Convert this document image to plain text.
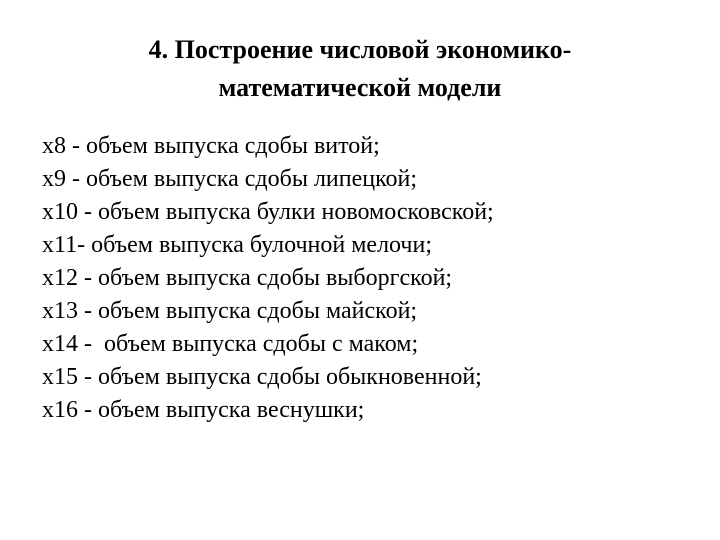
4. Построение числовой экономико-
математической модели
x8 - объем выпуска сдобы витой;
x9 - объем выпуска сдобы липецкой;
x10 - объем выпуска булки новомосковской;
x11- объем выпуска булочной мелочи;
x12 - объем выпуска сдобы выборгской;
x13 - объем выпуска сдобы майской;
x14 -  объем выпуска сдобы с маком;
x15 - объем выпуска сдобы обыкновенной;
x16 - объем выпуска веснушки;
